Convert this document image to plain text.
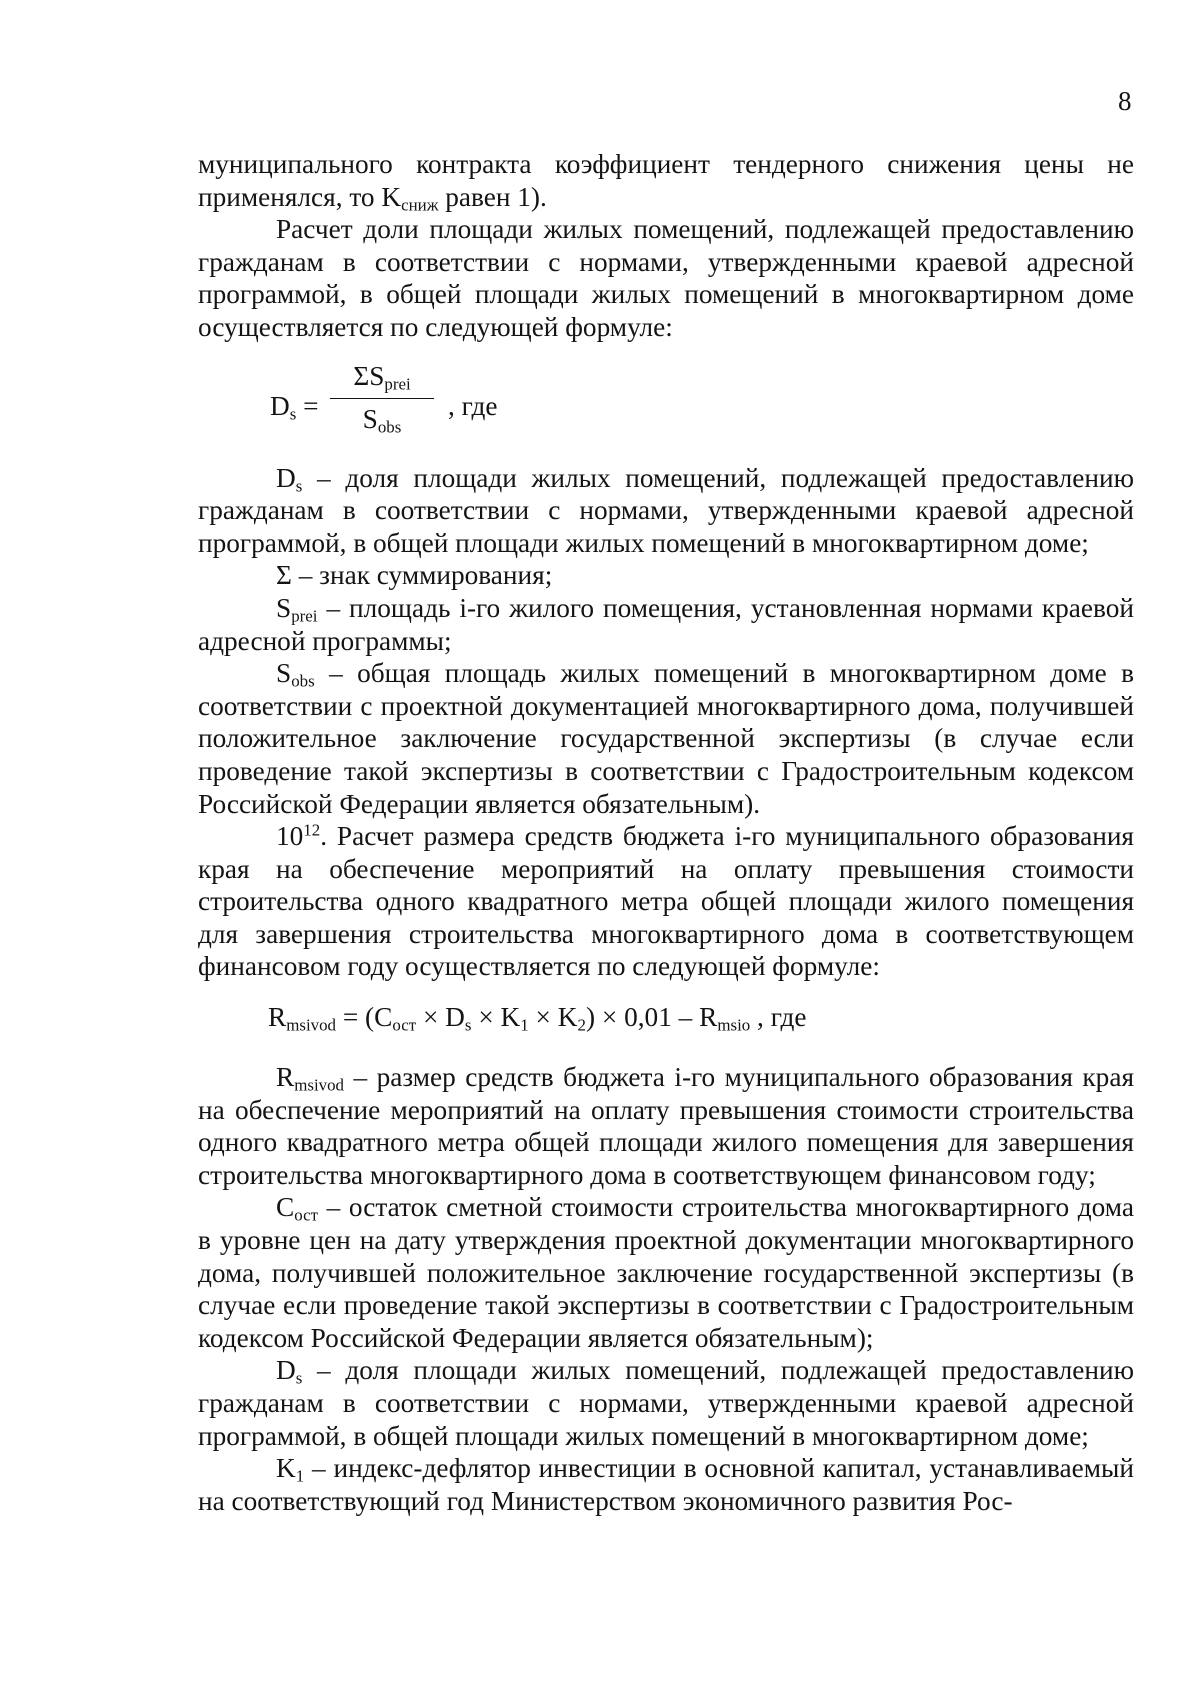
8

муниципального контракта коэффициент тендерного снижения цены не применялся, то $K_{сниж}$ равен 1).

Расчет доли площади жилых помещений, подлежащей предоставлению гражданам в соответствии с нормами, утвержденными краевой адресной программой, в общей площади жилых помещений в многоквартирном доме осуществляется по следующей формуле:

$D_s$ =
$\Sigma S_{prei}$
$S_{obs}$
, где

$D_s$ – доля площади жилых помещений, подлежащей предоставлению гражданам в соответствии с нормами, утвержденными краевой адресной программой, в общей площади жилых помещений в многоквартирном доме;

Σ – знак суммирования;

$S_{prei}$ – площадь i-го жилого помещения, установленная нормами краевой адресной программы;

$S_{obs}$ – общая площадь жилых помещений в многоквартирном доме в соответствии с проектной документацией многоквартирного дома, получившей положительное заключение государственной экспертизы (в случае если проведение такой экспертизы в соответствии с Градостроительным кодексом Российской Федерации является обязательным).

$10^{12}$. Расчет размера средств бюджета i-го муниципального образования края на обеспечение мероприятий на оплату превышения стоимости строительства одного квадратного метра общей площади жилого помещения для завершения строительства многоквартирного дома в соответствующем финансовом году осуществляется по следующей формуле:

$R_{msivod} = (C_{ост} \times D_s \times K_1 \times K_2) \times 0,01 - R_{msio}$ , где

$R_{msivod}$ – размер средств бюджета i-го муниципального образования края на обеспечение мероприятий на оплату превышения стоимости строительства одного квадратного метра общей площади жилого помещения для завершения строительства многоквартирного дома в соответствующем финансовом году;

$C_{ост}$ – остаток сметной стоимости строительства многоквартирного дома в уровне цен на дату утверждения проектной документации многоквартирного дома, получившей положительное заключение государственной экспертизы (в случае если проведение такой экспертизы в соответствии с Градостроительным кодексом Российской Федерации является обязательным);

$D_s$ – доля площади жилых помещений, подлежащей предоставлению гражданам в соответствии с нормами, утвержденными краевой адресной программой, в общей площади жилых помещений в многоквартирном доме;

$K_1$ – индекс-дефлятор инвестиции в основной капитал, устанавливаемый на соответствующий год Министерством экономичного развития Рос-
